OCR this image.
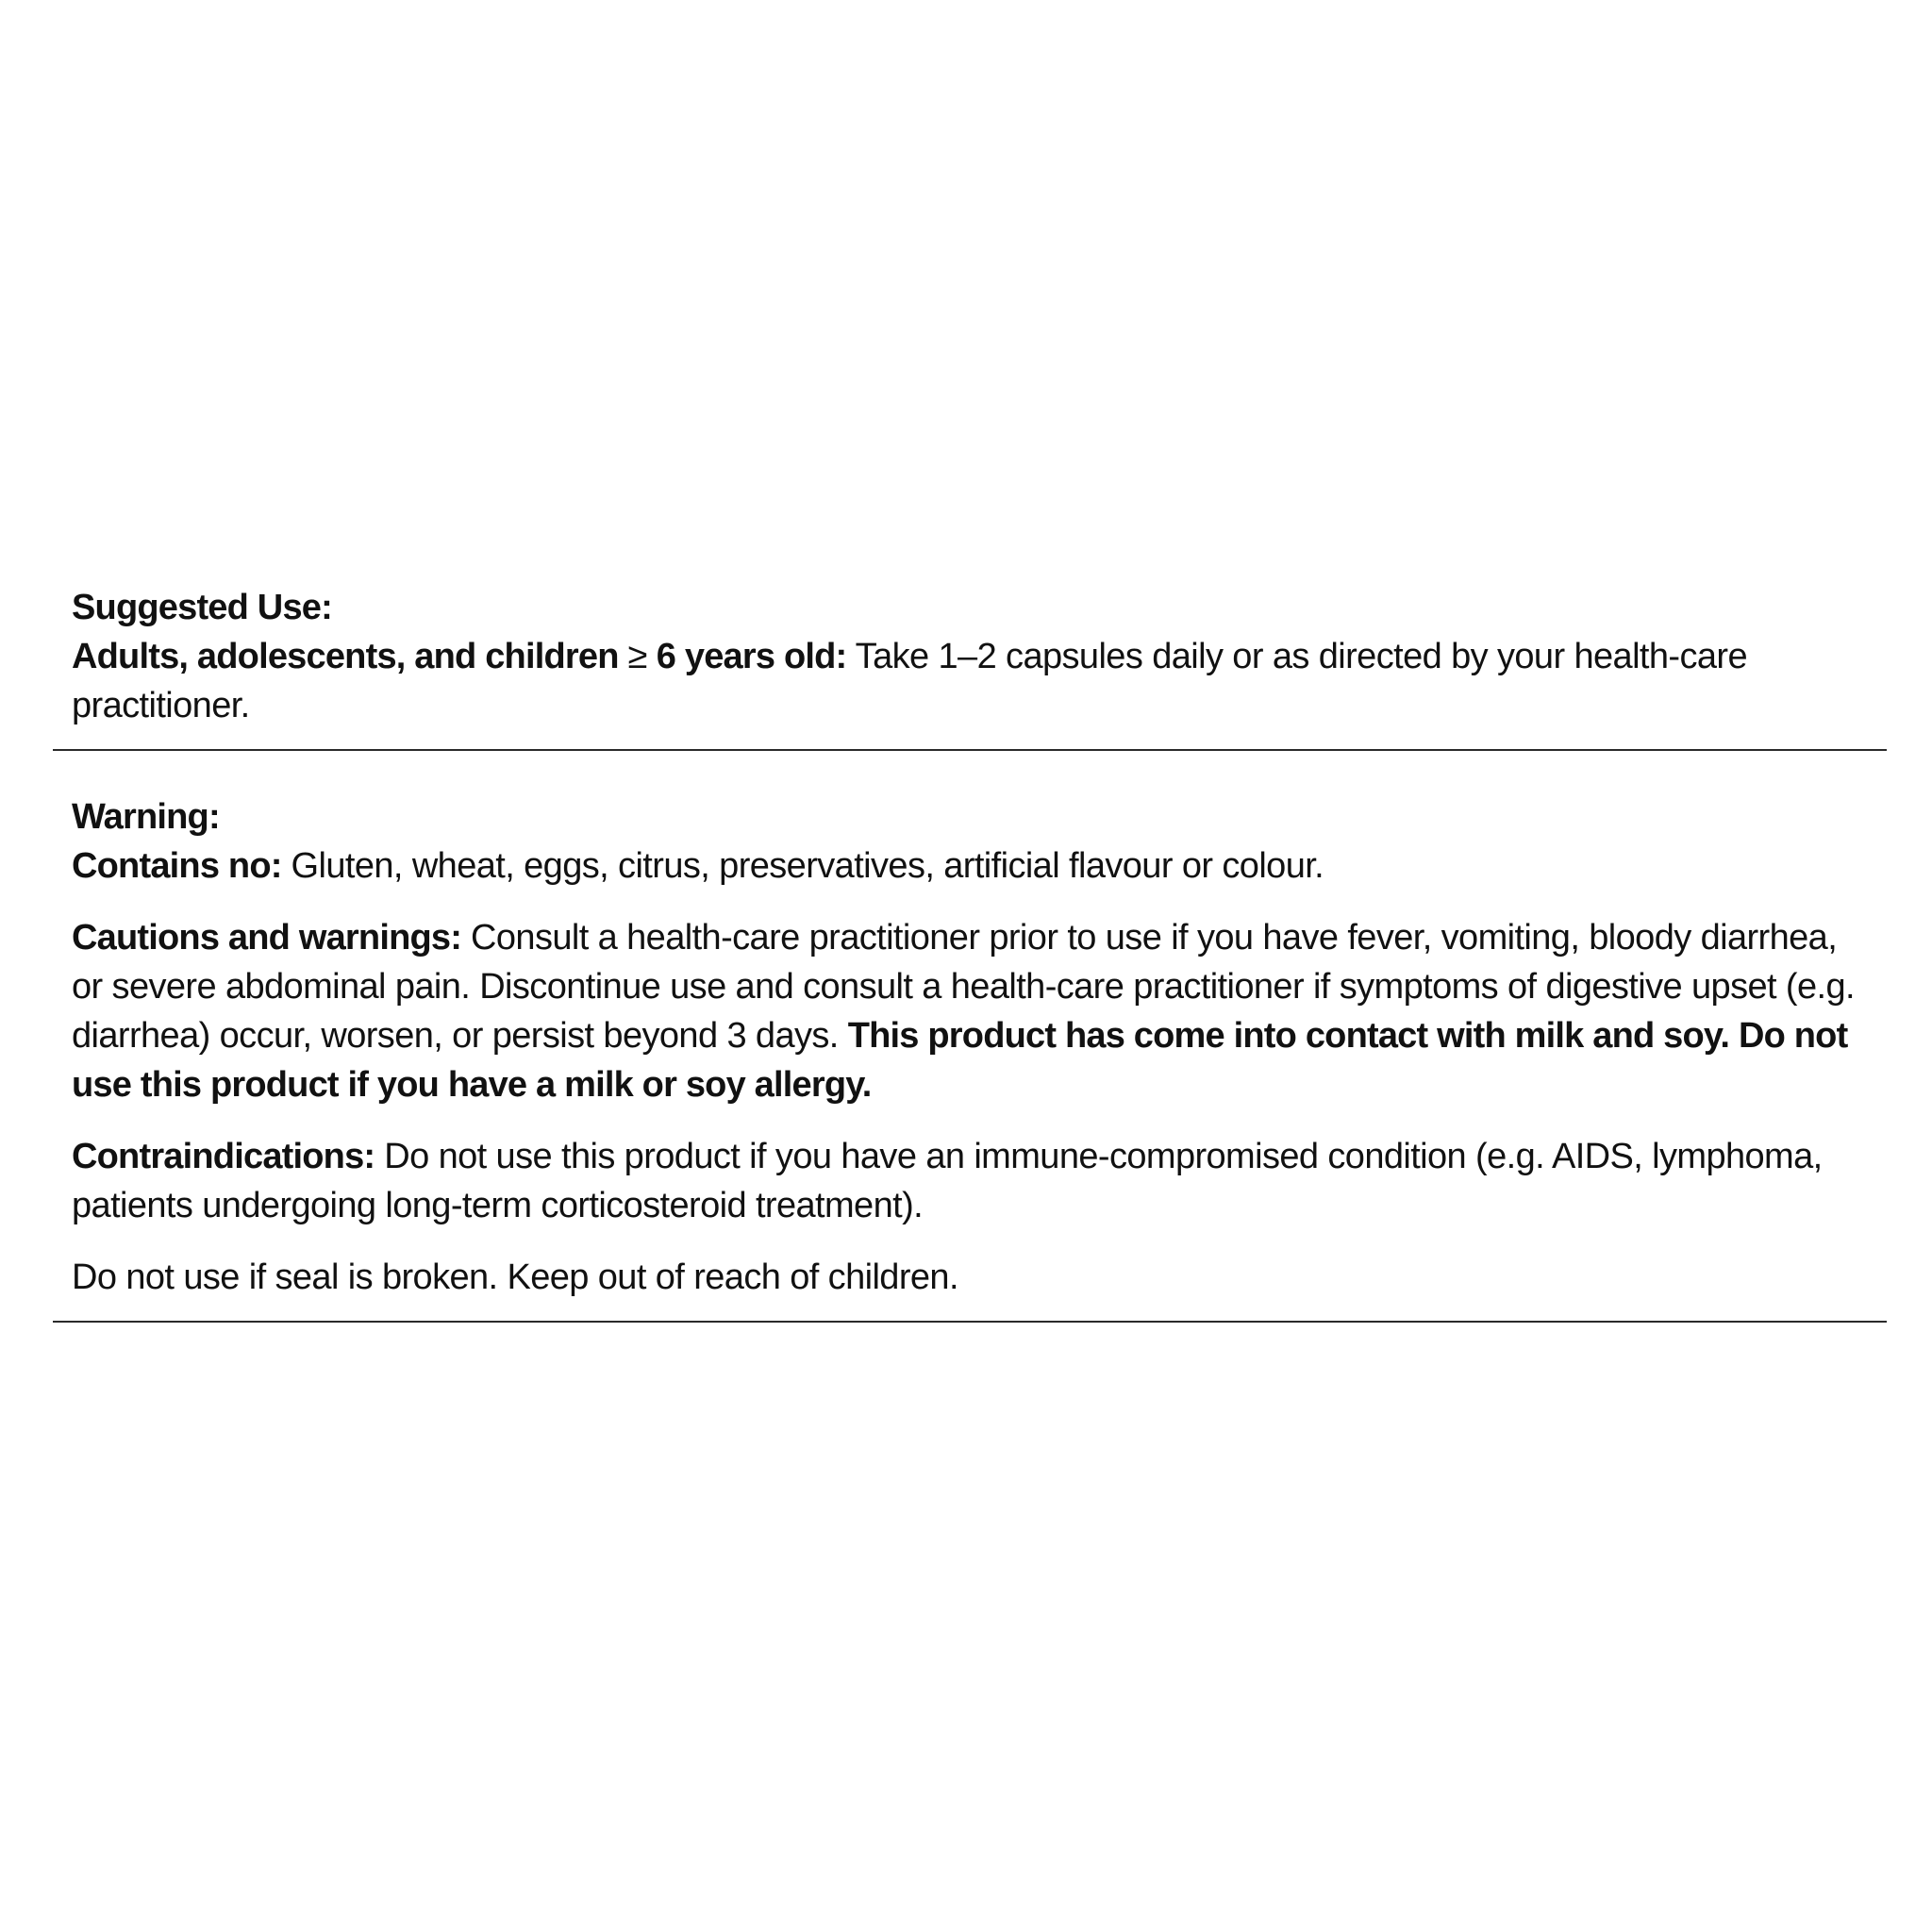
Suggested Use:

Adults, adolescents, and children ≥ 6 years old: Take 1–2 capsules daily or as directed by your health-care practitioner.

Warning:

Contains no: Gluten, wheat, eggs, citrus, preservatives, artificial flavour or colour.

Cautions and warnings: Consult a health-care practitioner prior to use if you have fever, vomiting, bloody diarrhea, or severe abdominal pain. Discontinue use and consult a health-care practitioner if symptoms of digestive upset (e.g. diarrhea) occur, worsen, or persist beyond 3 days. This product has come into contact with milk and soy. Do not use this product if you have a milk or soy allergy.

Contraindications: Do not use this product if you have an immune-compromised condition (e.g. AIDS, lymphoma, patients undergoing long-term corticosteroid treatment).

Do not use if seal is broken. Keep out of reach of children.
